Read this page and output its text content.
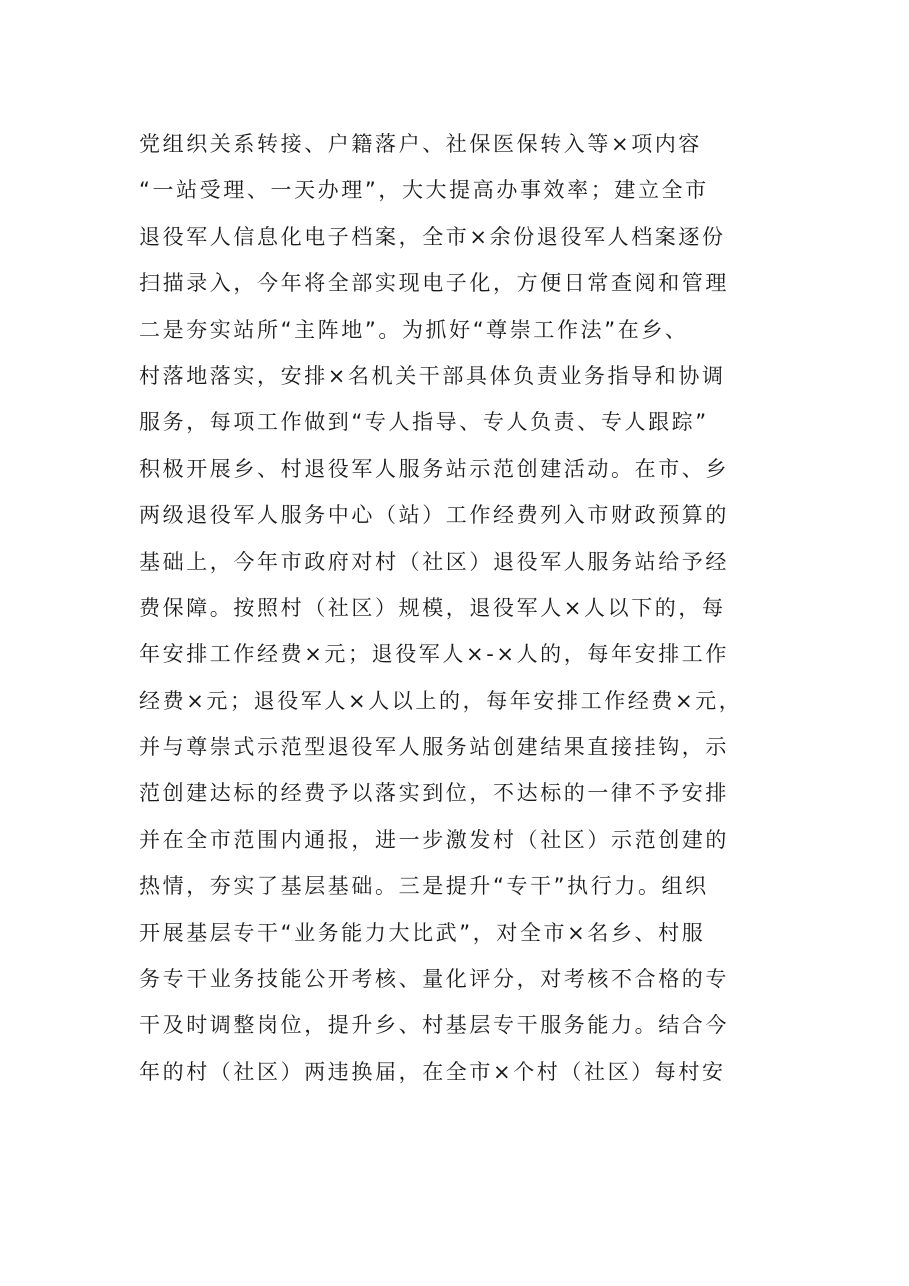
党组织关系转接、户籍落户、社保医保转入等×项内容
“一站受理、一天办理”，大大提高办事效率；建立全市
退役军人信息化电子档案，全市×余份退役军人档案逐份
扫描录入，今年将全部实现电子化，方便日常查阅和管理
二是夯实站所“主阵地”。为抓好“尊崇工作法”在乡、
村落地落实，安排×名机关干部具体负责业务指导和协调
服务，每项工作做到“专人指导、专人负责、专人跟踪”
积极开展乡、村退役军人服务站示范创建活动。在市、乡
两级退役军人服务中心（站）工作经费列入市财政预算的
基础上，今年市政府对村（社区）退役军人服务站给予经
费保障。按照村（社区）规模，退役军人×人以下的，每
年安排工作经费×元；退役军人×-×人的，每年安排工作
经费×元；退役军人×人以上的，每年安排工作经费×元，
并与尊崇式示范型退役军人服务站创建结果直接挂钩，示
范创建达标的经费予以落实到位，不达标的一律不予安排
并在全市范围内通报，进一步激发村（社区）示范创建的
热情，夯实了基层基础。三是提升“专干”执行力。组织
开展基层专干“业务能力大比武”，对全市×名乡、村服
务专干业务技能公开考核、量化评分，对考核不合格的专
干及时调整岗位，提升乡、村基层专干服务能力。结合今
年的村（社区）两违换届，在全市×个村（社区）每村安
